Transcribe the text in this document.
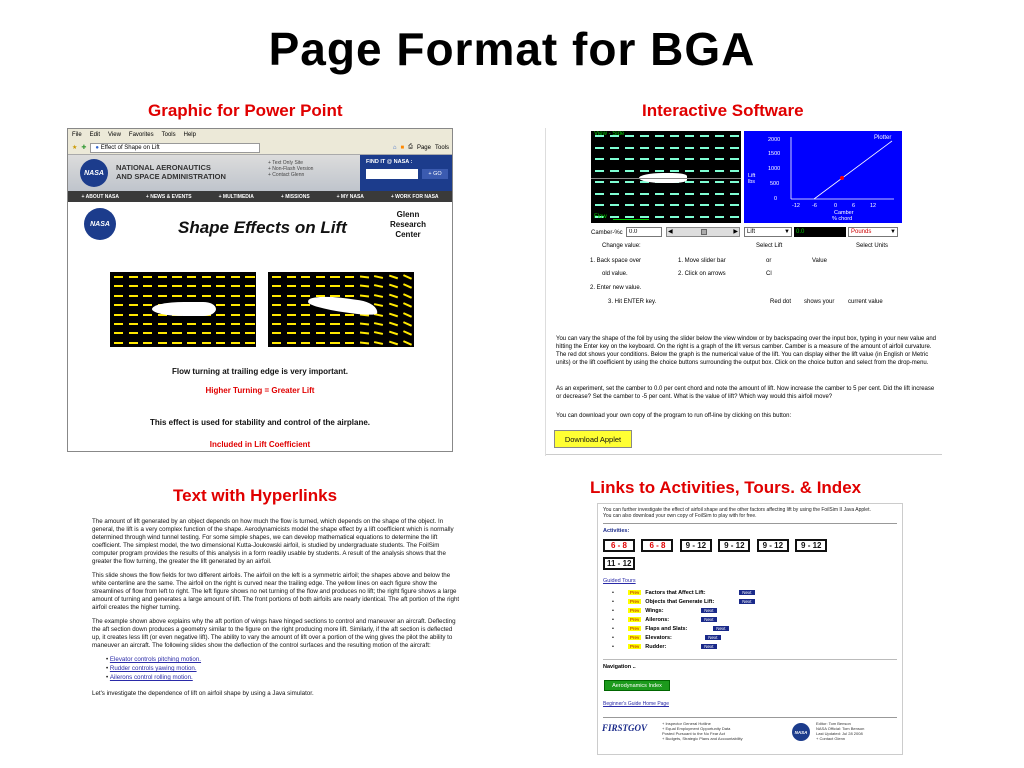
Page Format for BGA
Graphic for Power Point	Interactive Software
Text with Hyperlinks	Links to Activities, Tours. & Index
File Edit View Favorites Tools Help
★ ✚	● Effect of Shape on Lift	⌂ ■ ⎙ Page Tools
NASA
NATIONAL AERONAUTICS
AND SPACE ADMINISTRATION
+ Text Only Site
+ Non-Flash Version
+ Contact Glenn
FIND IT @ NASA :
+ GO
+ ABOUT NASA	+ NEWS & EVENTS	+ MULTIMEDIA	+ MISSIONS	+ MY NASA	+ WORK FOR NASA
NASA	Shape Effects on Lift
Glenn
Research
Center
Flow turning at trailing edge is very important.
Higher Turning = Greater Lift
This effect is used for stability and control of the airplane.
Included in Lift Coefficient
View - Side
Flow
Plotter
2000
1500
1000
500
0
Lift
lbs
-12 -6	0	6	12
Camber
% chord
Camber-%c
0.0	◀	▶	Lift	▼	0.0	Pounds	▼
Change value:	Select Lift	Select Units
1. Back space over	1. Move slider bar	or	Value
old value.	2. Click on arrows	Cl
2. Enter new value.
3. Hit ENTER key.	Red dot shows your current value
You can vary the shape of the foil by using the slider below the view window or by backspacing over the input box, typing in your new value and hitting the Enter key on the keyboard. On the right is a graph of the lift versus camber. Camber is a measure of the amount of airfoil curvature. The red dot shows your conditions. Below the graph is the numerical value of the lift. You can display either the lift value (in English or Metric units) or the lift coefficient by using the choice buttons surrounding the output box. Click on the choice button and select from the drop-menu.
As an experiment, set the camber to 0.0 per cent chord and note the amount of lift. Now increase the camber to 5 per cent. Did the lift increase or decrease? Set the camber to -5 per cent. What is the value of lift? Which way would this airfoil move?
You can download your own copy of the program to run off-line by clicking on this button:
Download Applet
The amount of lift generated by an object depends on how much the flow is turned, which depends on the shape of the object. In general, the lift is a very complex function of the shape. Aerodynamicists model the shape effect by a lift coefficient which is normally determined through wind tunnel testing. For some simple shapes, we can develop mathematical equations to determine the lift coefficient. The simplest model, the two dimensional Kutta-Joukowski airfoil, is studied by undergraduate students. The FoilSim computer program provides the results of this analysis in a form readily usable by students. A result of the analysis shows that the greater the flow turning, the greater the lift generated by an airfoil.
This slide shows the flow fields for two different airfoils. The airfoil on the left is a symmetric airfoil; the shapes above and below the white centerline are the same. The airfoil on the right is curved near the trailing edge. The yellow lines on each figure show the streamlines of flow from left to right. The left figure shows no net turning of the flow and produces no lift; the right figure shows a large amount of turning and generates a large amount of lift. The front portions of both airfoils are nearly identical. The aft portion of the right airfoil creates the higher turning.
The example shown above explains why the aft portion of wings have hinged sections to control and maneuver an aircraft. Deflecting the aft section down produces a geometry similar to the figure on the right producing more lift. Similarly, if the aft section is deflected up, it creates less lift (or even negative lift). The ability to vary the amount of lift over a portion of the wing gives the pilot the ability to maneuver an aircraft. The following slides show the deflection of the control surfaces and the resulting motion of the aircraft:
• Elevator controls pitching motion.
• Rudder controls yawing motion.
• Ailerons control rolling motion.
Let's investigate the dependence of lift on airfoil shape by using a Java simulator.
You can further investigate the effect of airfoil shape and the other factors affecting lift by using the FoilSim II Java Applet.
You can also download your own copy of FoilSim to play with for free.
Activities:
6 - 8	6 - 8	9 - 12 9 - 12 9 - 12 9 - 12 11 - 12
Guided Tours
•	Prev	Factors that Affect Lift:	Next
•	Prev	Objects that Generate Lift:	Next
•	Prev	Wings:	Next
•	Prev	Ailerons:	Next
•	Prev	Flaps and Slats:	Next
•	Prev	Elevators:	Next
•	Prev	Rudder:	Next
Navigation ..
Aerodynamics Index
Beginner's Guide Home Page
FIRSTGOV	+ Inspector General Hotline
+ Equal Employment Opportunity Data
Posted Pursuant to the No Fear Act
+ Budgets, Strategic Plans and Accountability
NASA
Editor: Tom Benson
NASA Official: Tom Benson
Last Updated: Jul 28 2008
+ Contact Glenn
